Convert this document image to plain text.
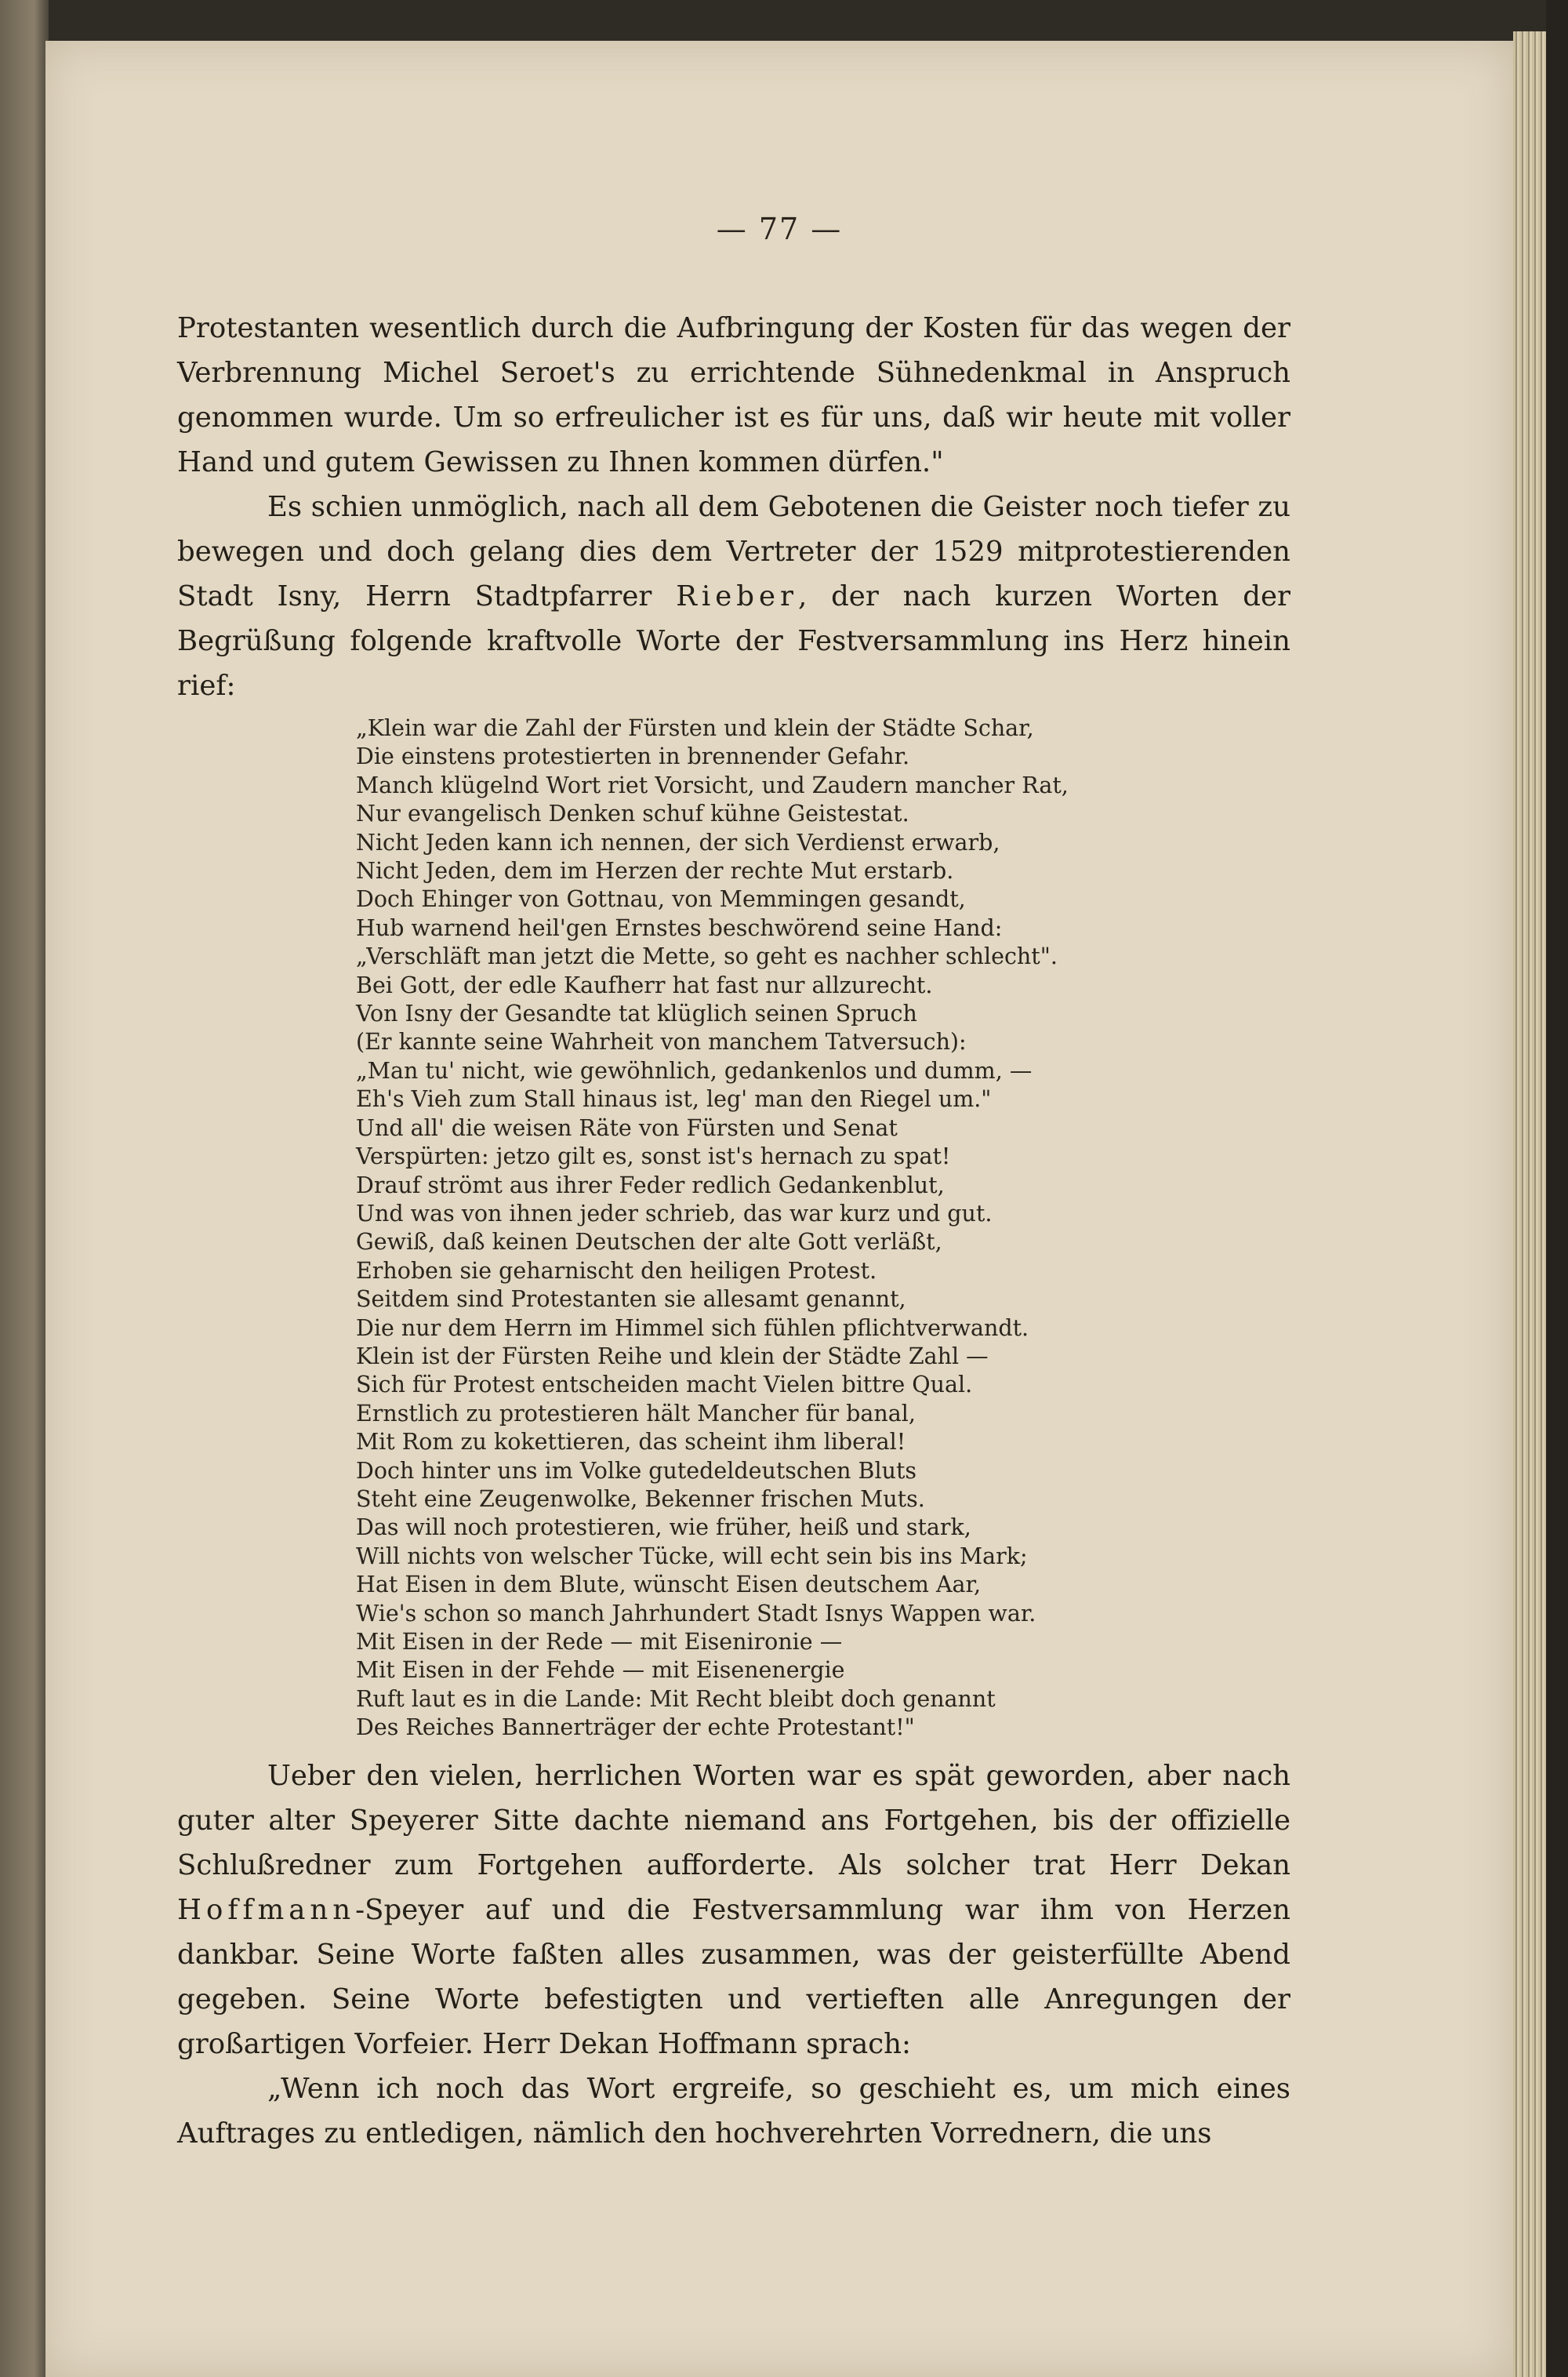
— 77 —

Protestanten wesentlich durch die Aufbringung der Kosten für das wegen der Verbrennung Michel Seroet's zu errichtende Sühnedenkmal in Anspruch genommen wurde. Um so erfreulicher ist es für uns, daß wir heute mit voller Hand und gutem Gewissen zu Ihnen kommen dürfen."

Es schien unmöglich, nach all dem Gebotenen die Geister noch tiefer zu bewegen und doch gelang dies dem Vertreter der 1529 mitprotestierenden Stadt Isny, Herrn Stadtpfarrer Rieber, der nach kurzen Worten der Begrüßung folgende kraftvolle Worte der Festversammlung ins Herz hinein rief:

„Klein war die Zahl der Fürsten und klein der Städte Schar,
Die einstens protestierten in brennender Gefahr.
Manch klügelnd Wort riet Vorsicht, und Zaudern mancher Rat,
Nur evangelisch Denken schuf kühne Geistestat.
Nicht Jeden kann ich nennen, der sich Verdienst erwarb,
Nicht Jeden, dem im Herzen der rechte Mut erstarb.
Doch Ehinger von Gottnau, von Memmingen gesandt,
Hub warnend heil'gen Ernstes beschwörend seine Hand:
„Verschläft man jetzt die Mette, so geht es nachher schlecht".
Bei Gott, der edle Kaufherr hat fast nur allzurecht.
Von Isny der Gesandte tat klüglich seinen Spruch
(Er kannte seine Wahrheit von manchem Tatversuch):
„Man tu' nicht, wie gewöhnlich, gedankenlos und dumm, —
Eh's Vieh zum Stall hinaus ist, leg' man den Riegel um."
Und all' die weisen Räte von Fürsten und Senat
Verspürten: jetzo gilt es, sonst ist's hernach zu spat!
Drauf strömt aus ihrer Feder redlich Gedankenblut,
Und was von ihnen jeder schrieb, das war kurz und gut.
Gewiß, daß keinen Deutschen der alte Gott verläßt,
Erhoben sie geharnischt den heiligen Protest.
Seitdem sind Protestanten sie allesamt genannt,
Die nur dem Herrn im Himmel sich fühlen pflichtverwandt.
Klein ist der Fürsten Reihe und klein der Städte Zahl —
Sich für Protest entscheiden macht Vielen bittre Qual.
Ernstlich zu protestieren hält Mancher für banal,
Mit Rom zu kokettieren, das scheint ihm liberal!
Doch hinter uns im Volke gutedeldeutschen Bluts
Steht eine Zeugenwolke, Bekenner frischen Muts.
Das will noch protestieren, wie früher, heiß und stark,
Will nichts von welscher Tücke, will echt sein bis ins Mark;
Hat Eisen in dem Blute, wünscht Eisen deutschem Aar,
Wie's schon so manch Jahrhundert Stadt Isnys Wappen war.
Mit Eisen in der Rede — mit Eisenironie —
Mit Eisen in der Fehde — mit Eisenenergie
Ruft laut es in die Lande: Mit Recht bleibt doch genannt
Des Reiches Bannerträger der echte Protestant!"

Ueber den vielen, herrlichen Worten war es spät geworden, aber nach guter alter Speyerer Sitte dachte niemand ans Fortgehen, bis der offizielle Schlußredner zum Fortgehen aufforderte. Als solcher trat Herr Dekan Hoffmann-Speyer auf und die Festversammlung war ihm von Herzen dankbar. Seine Worte faßten alles zusammen, was der geisterfüllte Abend gegeben. Seine Worte befestigten und vertieften alle Anregungen der großartigen Vorfeier. Herr Dekan Hoffmann sprach:

„Wenn ich noch das Wort ergreife, so geschieht es, um mich eines Auftrages zu entledigen, nämlich den hochverehrten Vorrednern, die uns
